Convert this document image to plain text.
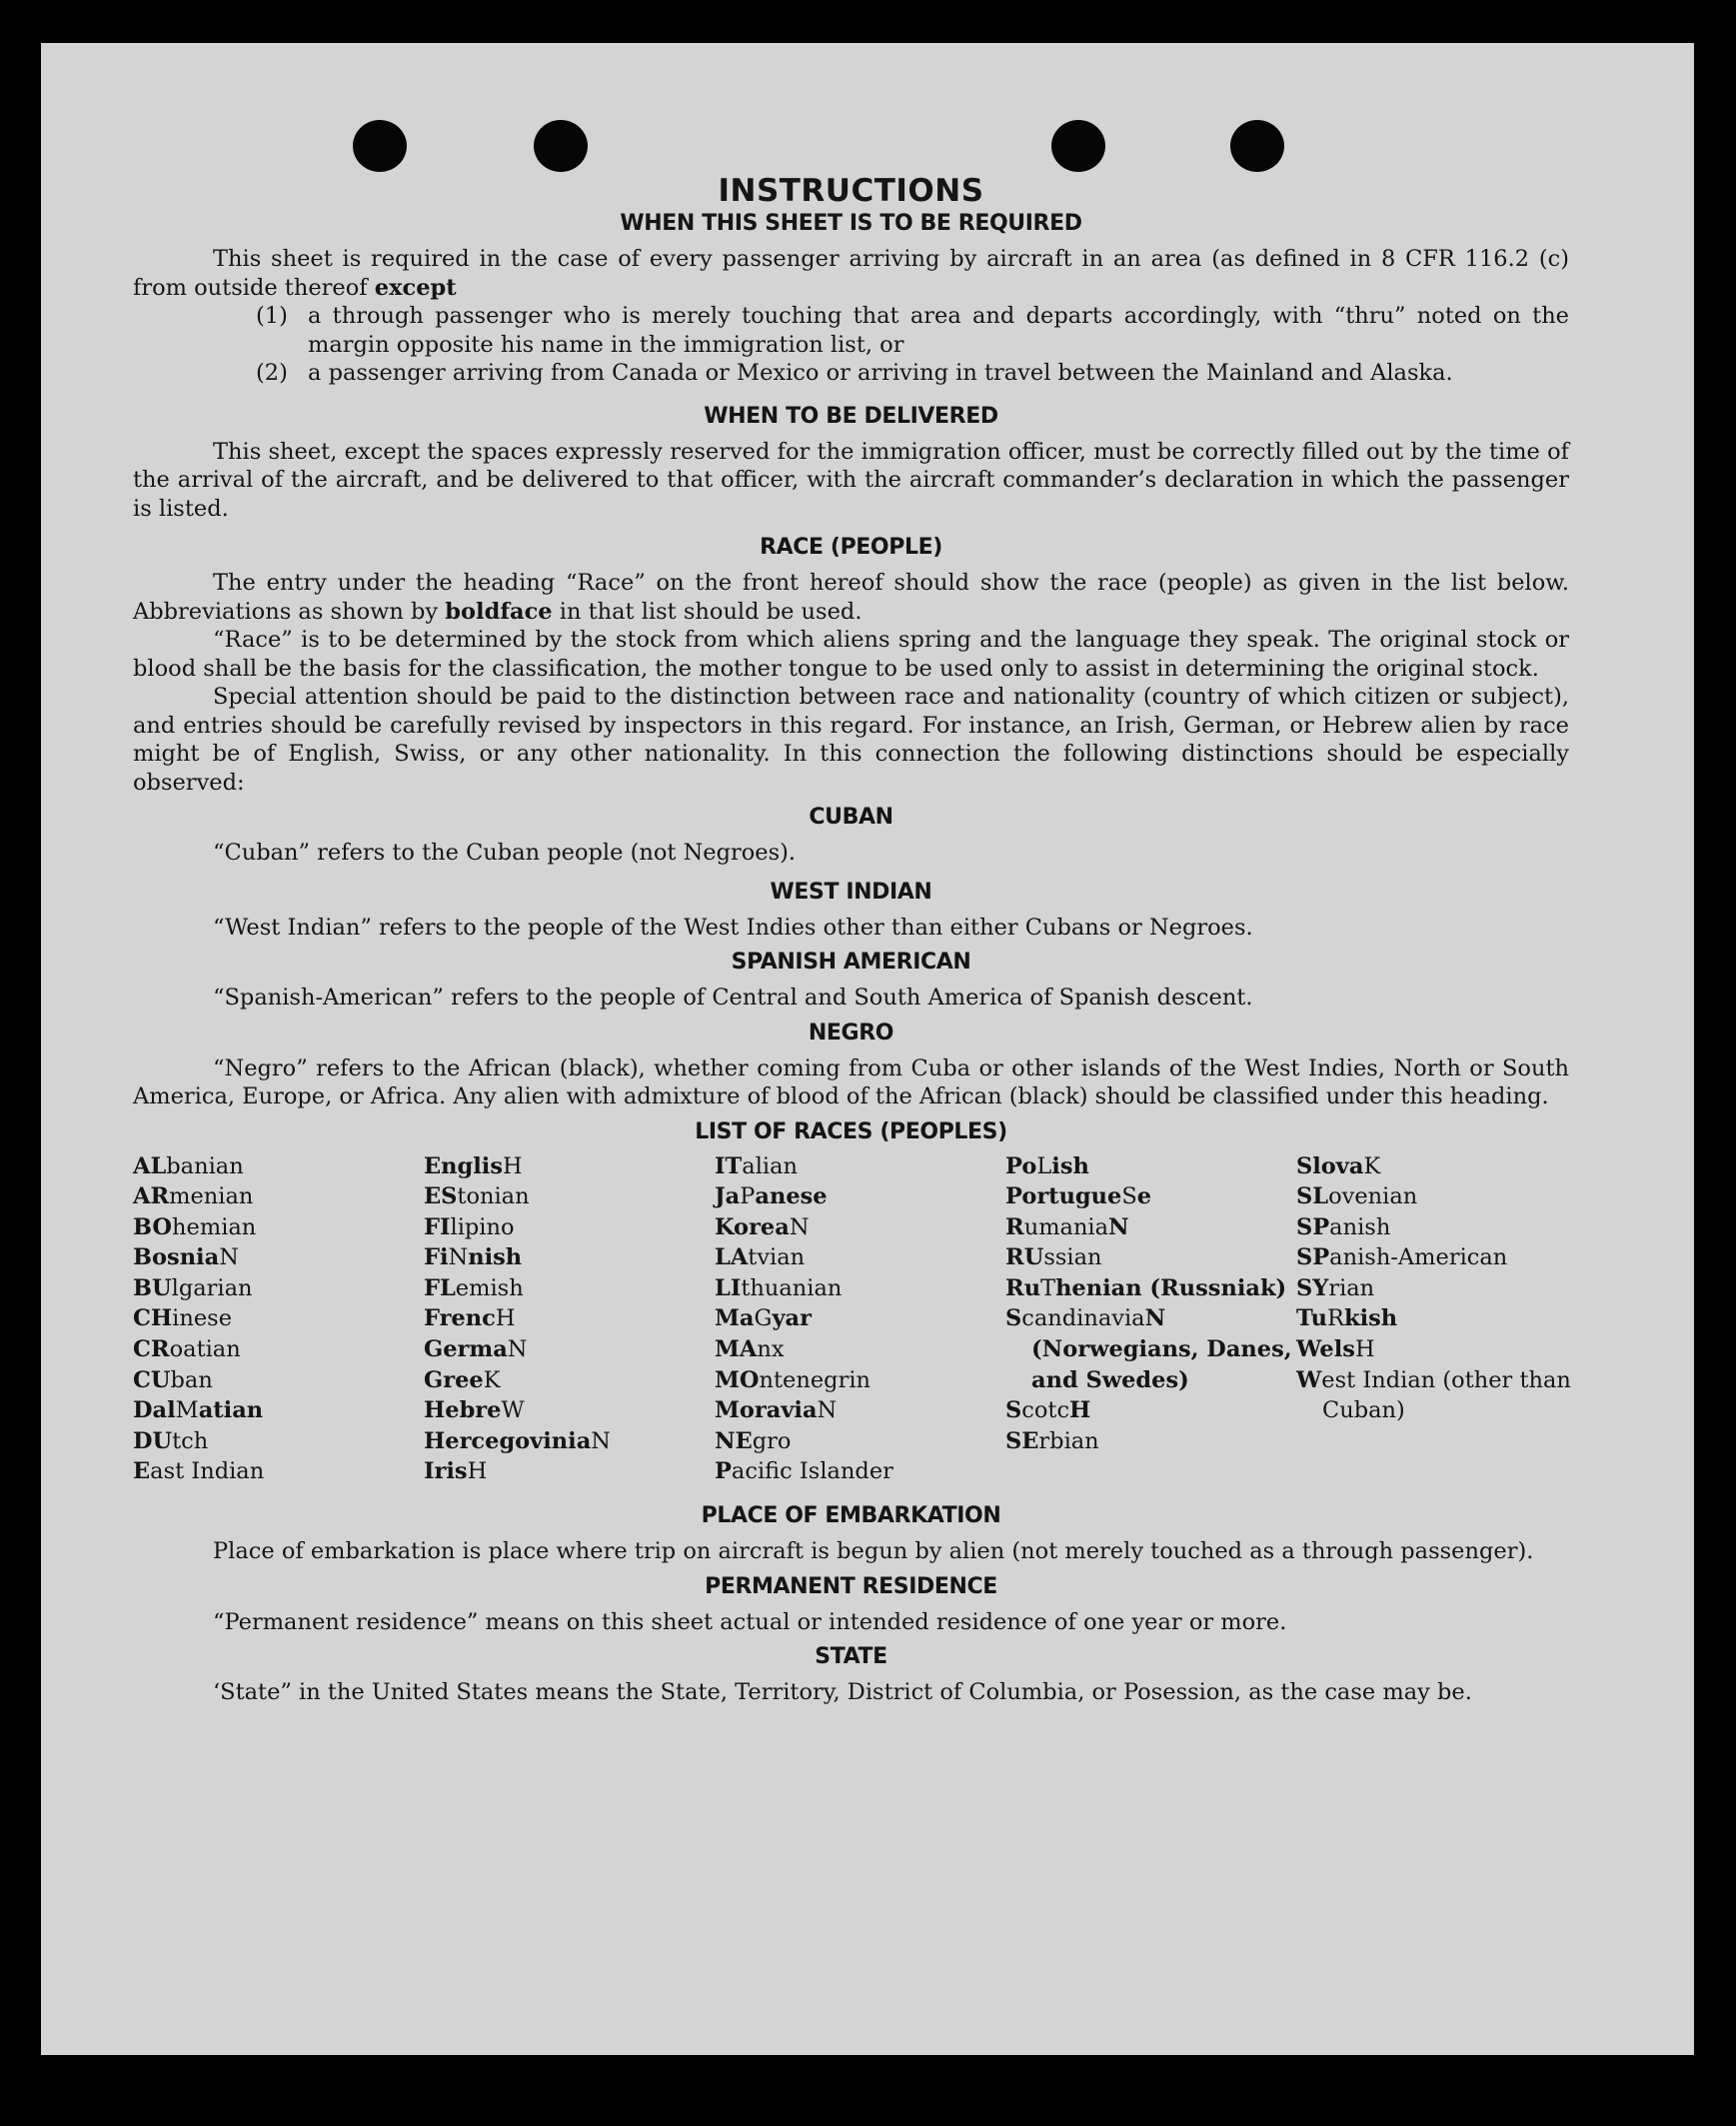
INSTRUCTIONS
WHEN THIS SHEET IS TO BE REQUIRED

This sheet is required in the case of every passenger arriving by aircraft in an area (as defined in 8 CFR 116.2 (c) from outside thereof except

(1) a through passenger who is merely touching that area and departs accordingly, with “thru” noted on the margin opposite his name in the immigration list, or
(2) a passenger arriving from Canada or Mexico or arriving in travel between the Mainland and Alaska.
WHEN TO BE DELIVERED

This sheet, except the spaces expressly reserved for the immigration officer, must be correctly filled out by the time of the arrival of the aircraft, and be delivered to that officer, with the aircraft commander’s declaration in which the passenger is listed.

RACE (PEOPLE)

The entry under the heading “Race” on the front hereof should show the race (people) as given in the list below. Abbreviations as shown by boldface in that list should be used.

“Race” is to be determined by the stock from which aliens spring and the language they speak. The original stock or blood shall be the basis for the classification, the mother tongue to be used only to assist in determining the original stock.

Special attention should be paid to the distinction between race and nationality (country of which citizen or subject), and entries should be carefully revised by inspectors in this regard. For instance, an Irish, German, or Hebrew alien by race might be of English, Swiss, or any other nationality. In this connection the following distinctions should be especially observed:

CUBAN

“Cuban” refers to the Cuban people (not Negroes).

WEST INDIAN

“West Indian” refers to the people of the West Indies other than either Cubans or Negroes.

SPANISH AMERICAN

“Spanish-American” refers to the people of Central and South America of Spanish descent.

NEGRO

“Negro” refers to the African (black), whether coming from Cuba or other islands of the West Indies, North or South America, Europe, or Africa. Any alien with admixture of blood of the African (black) should be classified under this heading.

LIST OF RACES (PEOPLES)
ALbanian
ARmenian
BOhemian
BosniaN
BUlgarian
CHinese
CRoatian
CUban
DalMatian
DUtch
East Indian
EnglisH
EStonian
FIlipino
FiNnish
FLemish
FrencH
GermaN
GreeK
HebreW
HercegoviniaN
IrisH
ITalian
JaPanese
KoreaN
LAtvian
LIthuanian
MaGyar
MAnx
MOntenegrin
MoraviaN
NEgro
Pacific Islander
PoLish
PortugueSe
RumaniaN
RUssian
RuThenian (Russniak)
ScandinaviaN (Norwegians, Danes, and Swedes)
ScotcH
SErbian
SlovaK
SLovenian
SPanish
SPanish-American
SYrian
TuRkish
WelsH
West Indian (other than Cuban)
PLACE OF EMBARKATION

Place of embarkation is place where trip on aircraft is begun by alien (not merely touched as a through passenger).

PERMANENT RESIDENCE

“Permanent residence” means on this sheet actual or intended residence of one year or more.

STATE

‘State” in the United States means the State, Territory, District of Columbia, or Posession, as the case may be.
